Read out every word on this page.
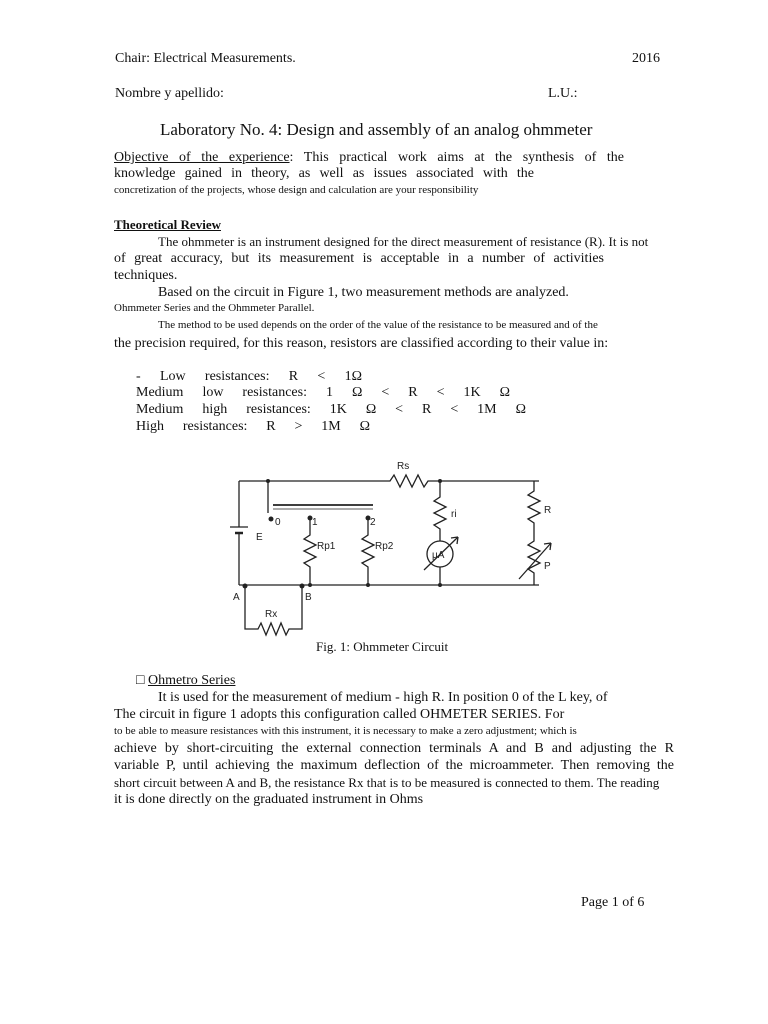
Chair: Electrical Measurements.	2016
Nombre y apellido:	L.U.:
Laboratory No. 4: Design and assembly of an analog ohmmeter
Objective of the experience: This practical work aims at the synthesis of the
knowledge gained in theory, as well as issues associated with the
concretization of the projects, whose design and calculation are your responsibility
Theoretical Review
The ohmmeter is an instrument designed for the direct measurement of resistance (R). It is not
of great accuracy, but its measurement is acceptable in a number of activities
techniques.
Based on the circuit in Figure 1, two measurement methods are analyzed.
Ohmmeter Series and the Ohmmeter Parallel.
The method to be used depends on the order of the value of the resistance to be measured and of the
the precision required, for this reason, resistors are classified according to their value in:
- Low resistances: R < 1Ω
Medium low resistances: 1 Ω < R < 1K Ω
Medium high resistances: 1K Ω < R < 1M Ω
High resistances: R > 1M Ω
Rs
ri	R
P
E
Rp1	Rp2
A	B
Rx
0	1	2
μA
Fig. 1: Ohmmeter Circuit
□ Ohmetro Series
It is used for the measurement of medium - high R. In position 0 of the L key, of
The circuit in figure 1 adopts this configuration called OHMETER SERIES. For
to be able to measure resistances with this instrument, it is necessary to make a zero adjustment; which is
achieve by short-circuiting the external connection terminals A and B and adjusting the R
variable P, until achieving the maximum deflection of the microammeter. Then removing the
short circuit between A and B, the resistance Rx that is to be measured is connected to them. The reading
it is done directly on the graduated instrument in Ohms
Page 1 of 6
